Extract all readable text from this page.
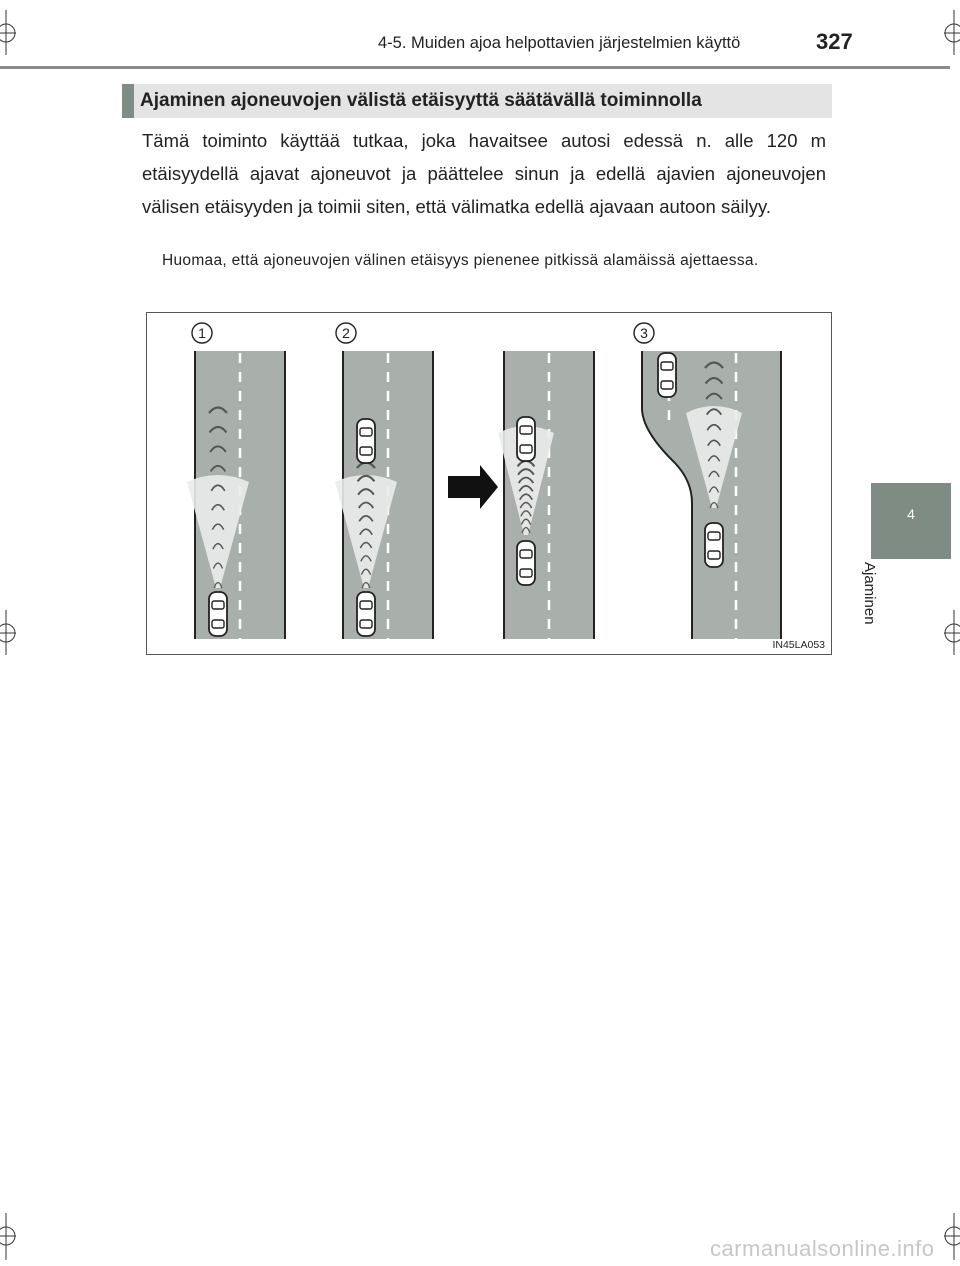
4-5. Muiden ajoa helpottavien järjestelmien käyttö	327
Ajaminen ajoneuvojen välistä etäisyyttä säätävällä toiminnolla
Tämä toiminto käyttää tutkaa, joka havaitsee autosi edessä n. alle 120 m etäisyydellä ajavat ajoneuvot ja päättelee sinun ja edellä ajavien ajoneuvojen välisen etäisyyden ja toimii siten, että välimatka edellä ajavaan autoon säilyy.
Huomaa, että ajoneuvojen välinen etäisyys pienenee pitkissä alamäissä ajettaessa.
4
Ajaminen
1	2	3
IN45LA053
carmanualsonline.info
